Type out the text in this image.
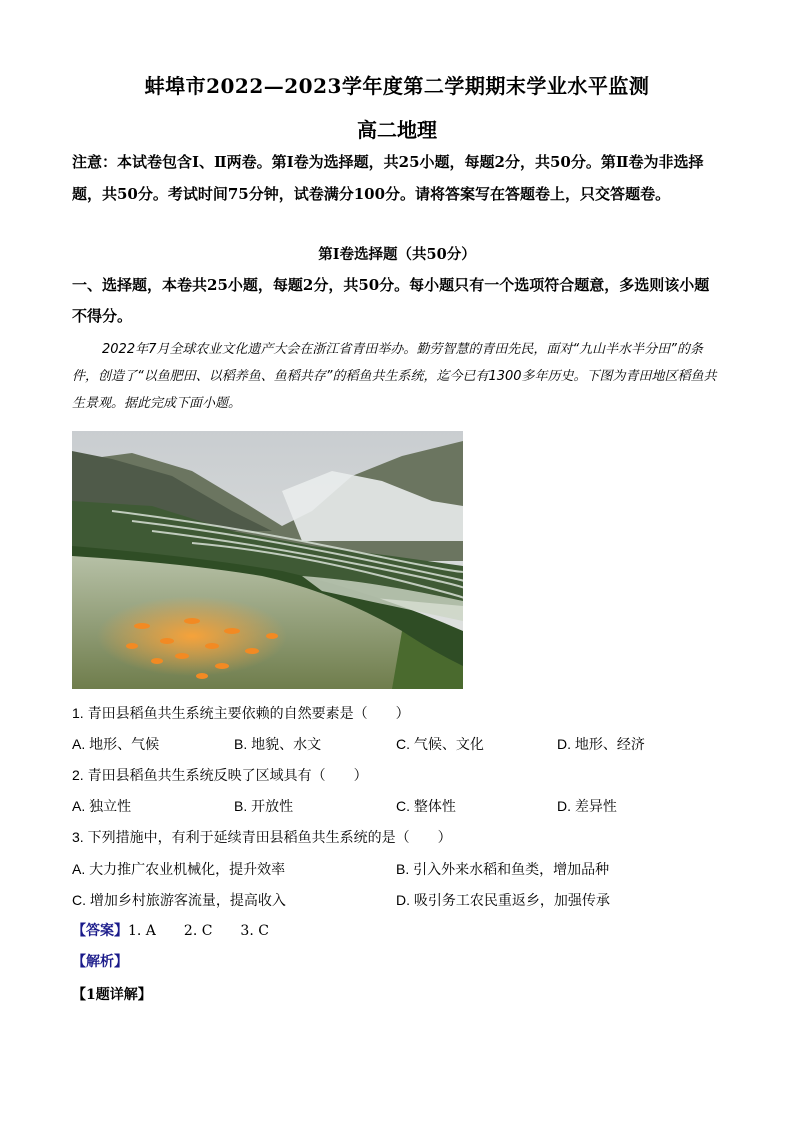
蚌埠市2022—2023学年度第二学期期末学业水平监测
高二地理
注意：本试卷包含Ⅰ、Ⅱ两卷。第Ⅰ卷为选择题，共25小题，每题2分，共50分。第Ⅱ卷为非选择题，共50分。考试时间75分钟，试卷满分100分。请将答案写在答题卷上，只交答题卷。
第Ⅰ卷选择题（共50分）
一、选择题，本卷共25小题，每题2分，共50分。每小题只有一个选项符合题意，多选则该小题不得分。
2022年7月全球农业文化遗产大会在浙江省青田举办。勤劳智慧的青田先民，面对“九山半水半分田”的条件，创造了“以鱼肥田、以稻养鱼、鱼稻共存”的稻鱼共生系统，迄今已有1300多年历史。下图为青田地区稻鱼共生景观。据此完成下面小题。
1. 青田县稻鱼共生系统主要依赖的自然要素是（　　）
A. 地形、气候	B. 地貌、水文	C. 气候、文化	D. 地形、经济
2. 青田县稻鱼共生系统反映了区域具有（　　）
A. 独立性	B. 开放性	C. 整体性	D. 差异性
3. 下列措施中，有利于延续青田县稻鱼共生系统的是（　　）
A. 大力推广农业机械化，提升效率	B. 引入外来水稻和鱼类，增加品种
C. 增加乡村旅游客流量，提高收入	D. 吸引务工农民重返乡，加强传承
【答案】1. A　　2. C　　3. C
【解析】
【1题详解】
